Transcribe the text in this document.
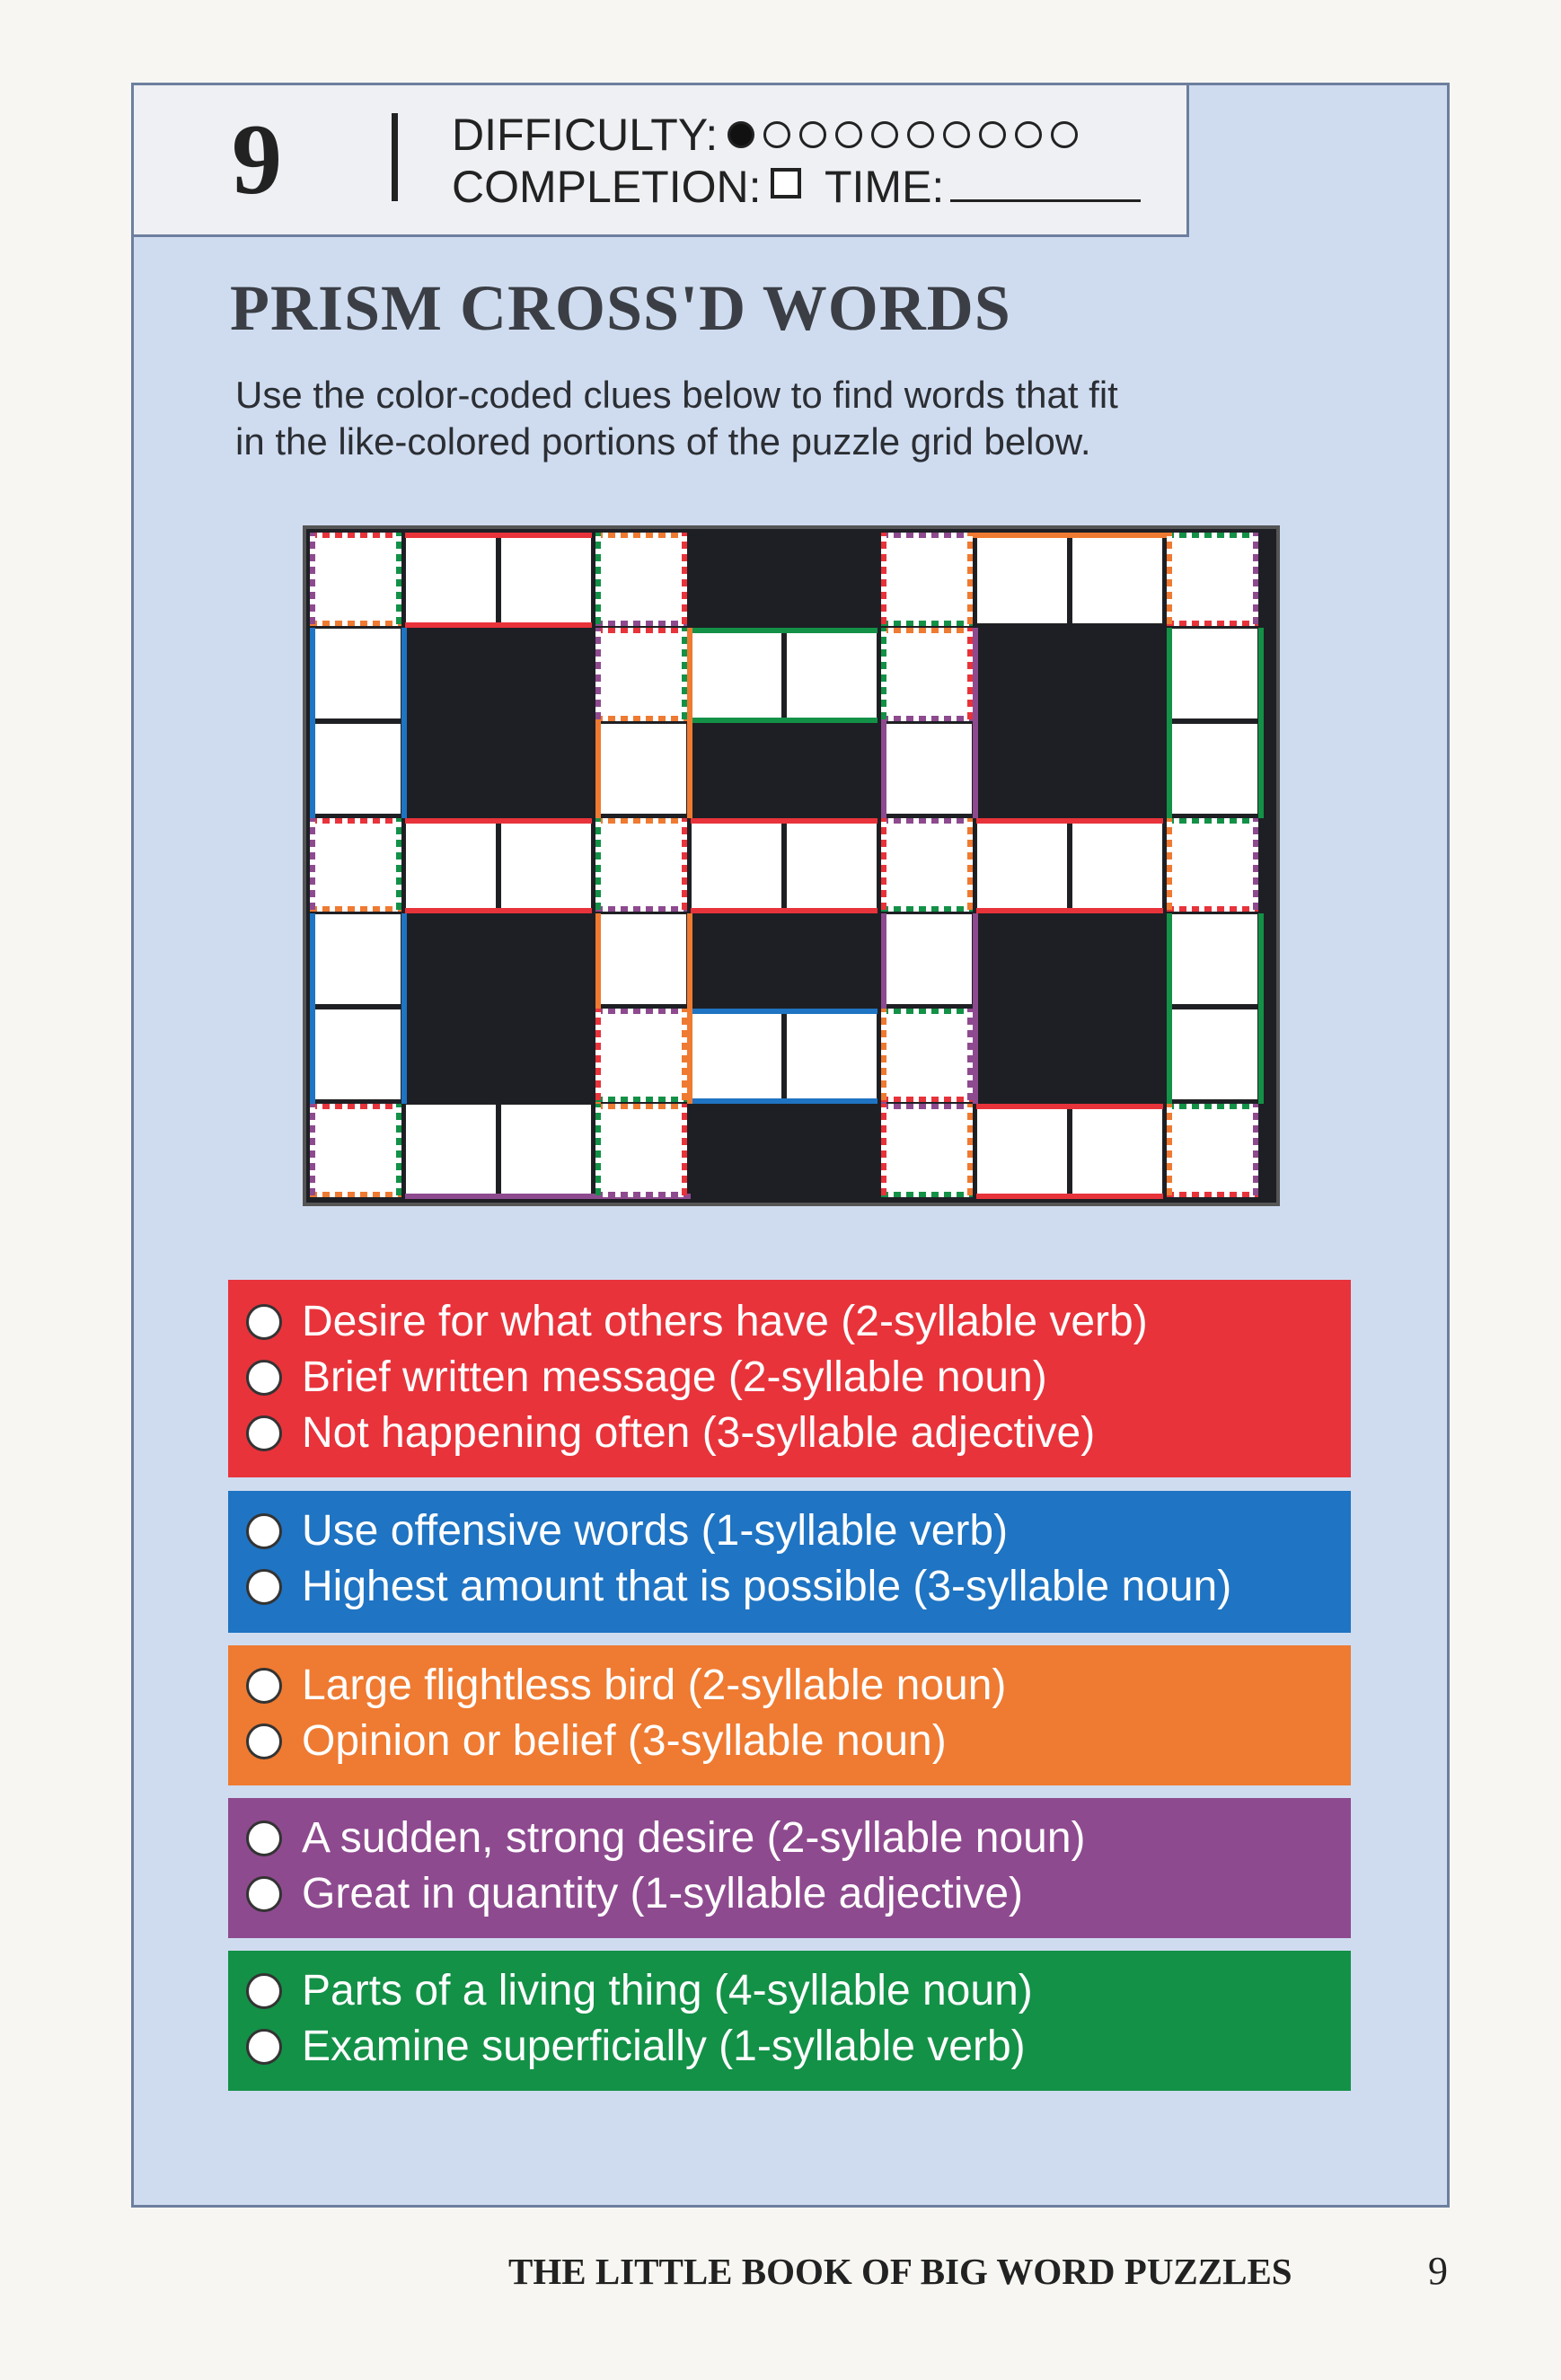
9	DIFFICULTY:
COMPLETION: TIME:
PRISM CROSS'D WORDS
Use the color-coded clues below to find words that fit
in the like-colored portions of the puzzle grid below.
Desire for what others have (2-syllable verb)
Brief written message (2-syllable noun)
Not happening often (3-syllable adjective)
Use offensive words (1-syllable verb)
Highest amount that is possible (3-syllable noun)
Large flightless bird (2-syllable noun)
Opinion or belief (3-syllable noun)
A sudden, strong desire (2-syllable noun)
Great in quantity (1-syllable adjective)
Parts of a living thing (4-syllable noun)
Examine superficially (1-syllable verb)
THE LITTLE BOOK OF BIG WORD PUZZLES	9
